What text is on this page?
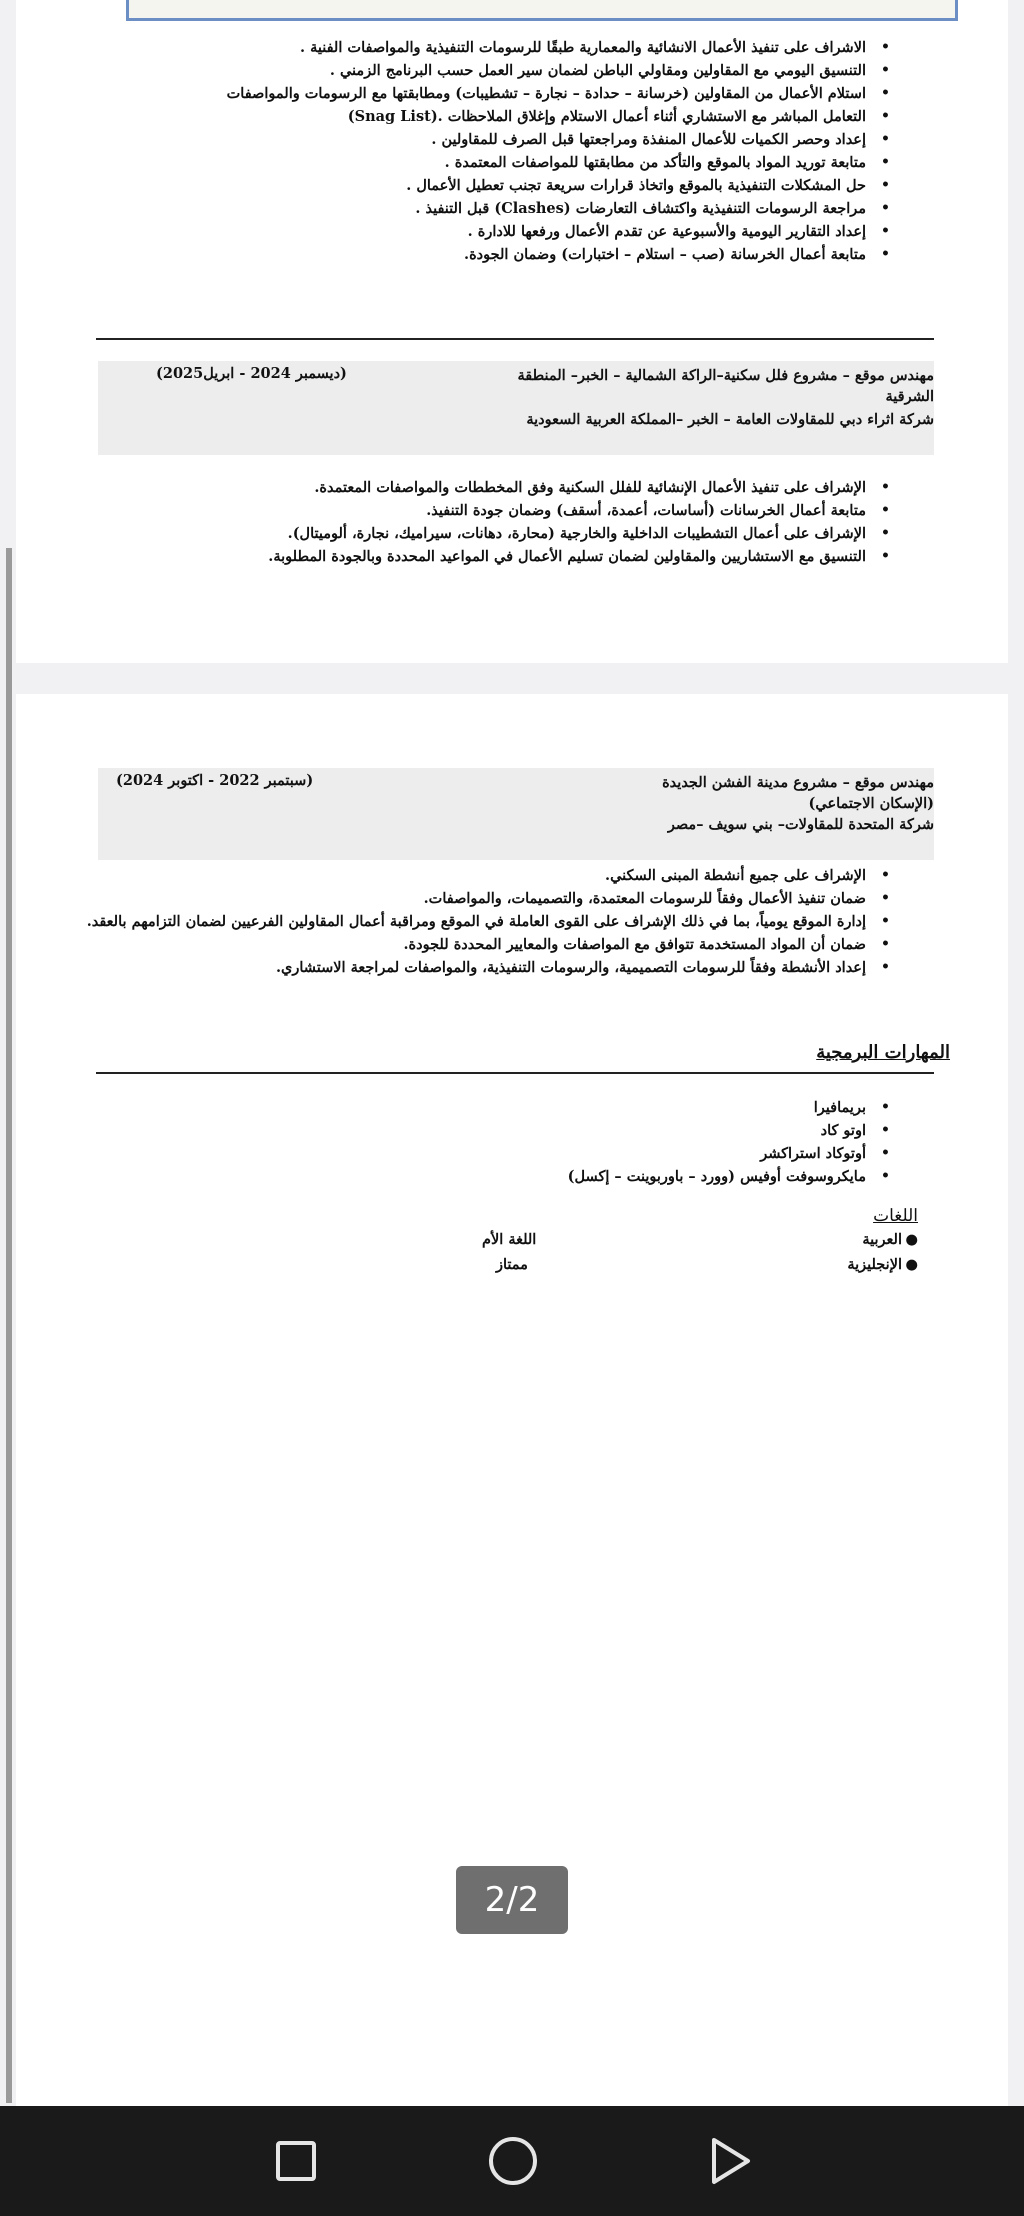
• الاشراف على تنفيذ الأعمال الانشائية والمعمارية طبقًا للرسومات التنفيذية والمواصفات الفنية .
• التنسيق اليومي مع المقاولين ومقاولي الباطن لضمان سير العمل حسب البرنامج الزمني .
• استلام الأعمال من المقاولين (خرسانة – حدادة – نجارة – تشطيبات) ومطابقتها مع الرسومات والمواصفات
• التعامل المباشر مع الاستشاري أثناء أعمال الاستلام وإغلاق الملاحظات .(Snag List)
• إعداد وحصر الكميات للأعمال المنفذة ومراجعتها قبل الصرف للمقاولين .
• متابعة توريد المواد بالموقع والتأكد من مطابقتها للمواصفات المعتمدة .
• حل المشكلات التنفيذية بالموقع واتخاذ قرارات سريعة تجنب تعطيل الأعمال .
• مراجعة الرسومات التنفيذية واكتشاف التعارضات (Clashes) قبل التنفيذ .
• إعداد التقارير اليومية والأسبوعية عن تقدم الأعمال ورفعها للادارة .
• متابعة أعمال الخرسانة (صب – استلام – اختبارات) وضمان الجودة.
مهندس موقع – مشروع فلل سكنية–الراكة الشمالية – الخبر– المنطقة الشرقية
شركة اثراء دبي للمقاولات العامة – الخبر –المملكة العربية السعودية
(ديسمبر 2024 - ابريل2025)
• الإشراف على تنفيذ الأعمال الإنشائية للفلل السكنية وفق المخططات والمواصفات المعتمدة.
• متابعة أعمال الخرسانات (أساسات، أعمدة، أسقف) وضمان جودة التنفيذ.
• الإشراف على أعمال التشطيبات الداخلية والخارجية (محارة، دهانات، سيراميك، نجارة، ألوميتال).
• التنسيق مع الاستشاريين والمقاولين لضمان تسليم الأعمال في المواعيد المحددة وبالجودة المطلوبة.
مهندس موقع – مشروع مدينة الفشن الجديدة
(الإسكان الاجتماعي)
شركة المتحدة للمقاولات– بني سويف –مصر
(سبتمبر 2022 - اكتوبر 2024)
• الإشراف على جميع أنشطة المبنى السكني.
• ضمان تنفيذ الأعمال وفقاً للرسومات المعتمدة، والتصميمات، والمواصفات.
• إدارة الموقع يومياً، بما في ذلك الإشراف على القوى العاملة في الموقع ومراقبة أعمال المقاولين الفرعيين لضمان التزامهم بالعقد.
• ضمان أن المواد المستخدمة تتوافق مع المواصفات والمعايير المحددة للجودة.
• إعداد الأنشطة وفقاً للرسومات التصميمية، والرسومات التنفيذية، والمواصفات لمراجعة الاستشاري.
المهارات البرمجية
• بريمافيرا
• اوتو كاد
• أوتوكاد استراكشر
• مايكروسوفت أوفيس (وورد – باوربوينت – إكسل)
اللغات
●
العربية
اللغة الأم
●
الإنجليزية
ممتاز
2/2
